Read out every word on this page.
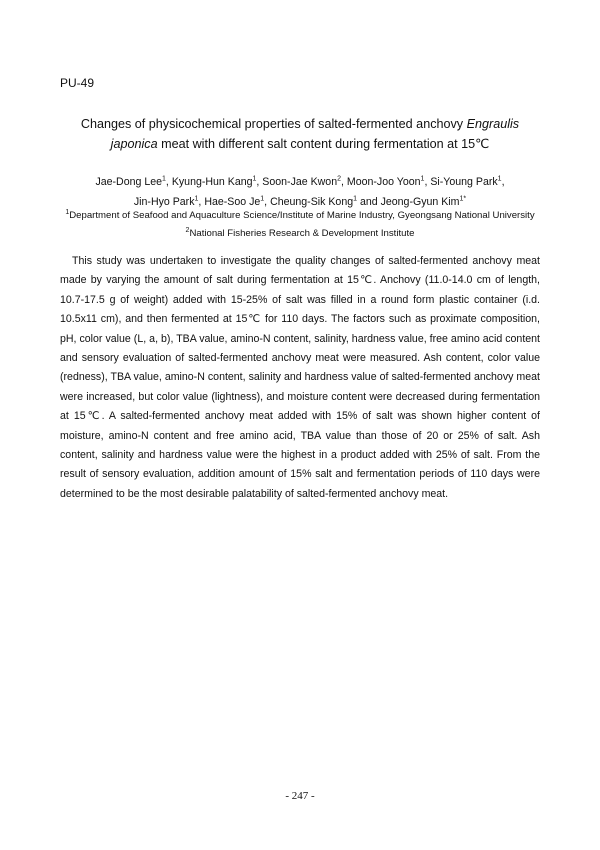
PU-49

Changes of physicochemical properties of salted-fermented anchovy Engraulis japonica meat with different salt content during fermentation at 15℃
Jae-Dong Lee$^1$, Kyung-Hun Kang$^1$, Soon-Jae Kwon$^2$, Moon-Joo Yoon$^1$, Si-Young Park$^1$,
Jin-Hyo Park$^1$, Hae-Soo Je$^1$, Cheung-Sik Kong$^1$ and Jeong-Gyun Kim$^{1*}$
$^1$Department of Seafood and Aquaculture Science/Institute of Marine Industry, Gyeongsang National University
$^2$National Fisheries Research & Development Institute

This study was undertaken to investigate the quality changes of salted-fermented anchovy meat made by varying the amount of salt during fermentation at 15℃. Anchovy (11.0-14.0 cm of length, 10.7-17.5 g of weight) added with 15-25% of salt was filled in a round form plastic container (i.d. 10.5x11 cm), and then fermented at 15℃ for 110 days. The factors such as proximate composition, pH, color value (L, a, b), TBA value, amino-N content, salinity, hardness value, free amino acid content and sensory evaluation of salted-fermented anchovy meat were measured. Ash content, color value (redness), TBA value, amino-N content, salinity and hardness value of salted-fermented anchovy meat were increased, but color value (lightness), and moisture content were decreased during fermentation at 15℃. A salted-fermented anchovy meat added with 15% of salt was shown higher content of moisture, amino-N content and free amino acid, TBA value than those of 20 or 25% of salt. Ash content, salinity and hardness value were the highest in a product added with 25% of salt. From the result of sensory evaluation, addition amount of 15% salt and fermentation periods of 110 days were determined to be the most desirable palatability of salted-fermented anchovy meat.

- 247 -
